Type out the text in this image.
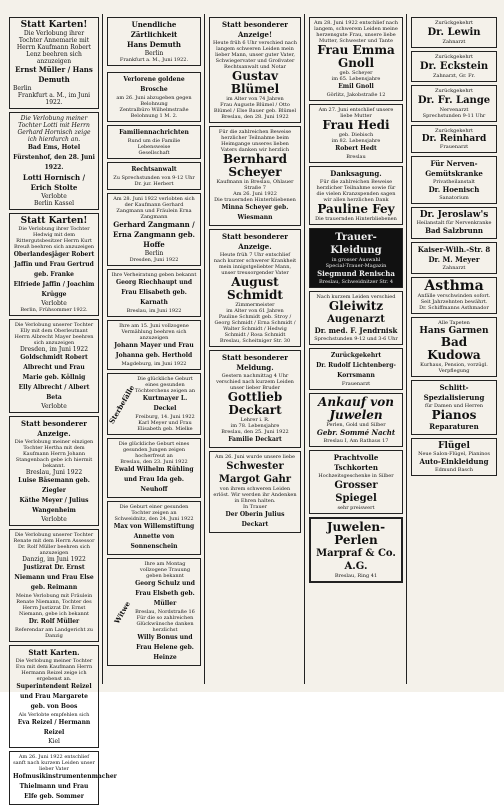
Statt Karten!
Die Verlobung ihrer Tochter Annemarie mit Herrn Kaufmann Robert Lenz beehren sich anzuzeigen
Ernst Müller / Hans Demuth
Berlin
Frankfurt a. M., im Juni 1922.
Die Verlobung meiner Tochter Lotti mit Herrn Gerhard Hornisch zeige ich hierdurch an.
Bad Ems, Hotel Fürstenhof, den 28. Juni 1922.
Lotti Hornisch / Erich Stolte
Verlobte
Berlin Kassel
Statt Karten!
Die Verlobung ihrer Tochter Hedwig mit dem Rittergutsbesitzer Herrn Kurt Breuß beehren sich anzuzeigen
Oberlandesjäger Robert Jaffin und Frau Gertrud geb. Franke
Elfriede Jaffin / Joachim Krügge
Verlobte
Berlin, Frühsommer 1922.
Die Verlobung unserer Tochter Elly mit dem Oberleutnant Herrn Albrecht Mayer beehren sich anzuzeigen
Dresden, im Juni 1922
Goldschmidt Robert Albrecht und Frau Marie geb. Köllnig
Elly Albrecht / Albert Beta
Verlobte
Statt besonderer Anzeige.
Die Verlobung meiner einzigen Tochter Hertha mit dem Kaufmann Herrn Johann Stangenbach gebe ich hiermit bekannt.
Breslau, Juni 1922
Luise Bäsemann geb. Ziegler
Käthe Meyer / Julius Wangenheim
Verlobte
Die Verlobung unserer Tochter Renate mit dem Herrn Assessor Dr. Rolf Müller beehren sich anzuzeigen
Danzig, im Juni 1922
Justizrat Dr. Ernst Niemann und Frau Else geb. Reimann
Meine Verlobung mit Fräulein Renate Niemann, Tochter des Herrn Justizrat Dr. Ernst Niemann, gebe ich bekannt
Dr. Rolf Müller
Referendar am Landgericht zu Danzig
Statt Karten.
Die Verlobung meiner Tochter Eva mit dem Kaufmann Herrn Hermann Reizel zeige ich ergebenst an.
Superintendent Reizel und Frau Margarete geb. von Boos
Als Verlobte empfehlen sich
Eva Reizel / Hermann Reizel
Kiel
Am 26. Juni 1922 entschlief sanft nach kurzem Leiden unser lieber Vater
Hofmusikinstrumentenmacher Thielmann und Frau Elfe geb. Sommer
Unendliche Zärtlichkeit
Hans Demuth
Berlin
Frankfurt a. M., Juni 1922.
Verlorene goldene Brosche
am 26. Juni abzugeben gegen Belohnung
Zentralbüro Wilhelmstraße
Belohnung 1 M. 2.
Familiennachrichten
Rund um die Familie
Lebensweise
Gesellschaft
Rechtsanwalt
Zu Sprechstunden von 9-12 Uhr
Dr. jur. Herbert
Am 28. Juni 1922 verlobten sich der Kaufmann Gerhard Zangmann und Fräulein Erna Zangmann
Gerhard Zangmann / Erna Zangmann geb. Hoffe
Berlin
Dresden, Juni 1922
Ihre Verheiratung geben bekannt
Georg Riechhaupt und Frau Elisabeth geb. Karnath
Breslau, im Juni 1922
Ihre am 15. Juni vollzogene Vermählung beehren sich anzuzeigen
Johann Mayer und Frau Johanna geb. Herthold
Magdeburg, im Juni 1922
Sterbefälle
Die glückliche Geburt eines gesunden Töchterchens zeigen an
Kurtmayer L. Deckel
Freiburg, 14. Juni 1922
Karl Meyer und Frau Elisabeth geb. Mielke
Die glückliche Geburt eines gesunden Jungen zeigen hocherfreut an
Breslau, den 23. Juni 1922
Ewald Wilhelm Rühling und Frau Ida geb. Neuhoff
Die Geburt einer gesunden Tochter zeigen an
Schweidnitz, den 24. Juni 1922
Max von Willemstiftung
Annette von Sonnenschein
Witwe
Ihre am Montag vollzogene Trauung geben bekannt
Georg Schulz und Frau Elsbeth geb. Müller
Breslau, Nordstraße 16
Für die so zahlreichen Glückwünsche danken herzlichst
Willy Bonus und Frau Helene geb. Heinze
Statt besonderer Anzeige!
Heute früh 6 Uhr verschied nach langem schweren Leiden mein lieber Mann, unser guter Vater, Schwiegervater und Großvater
Rechtsanwalt und Notar
Gustav Blümel
im Alter von 74 Jahren
Frau Auguste Blümel / Otto Blümel / Else Bauer geb. Blümel
Breslau, den 28. Juni 1922
Für die zahlreichen Beweise herzlicher Teilnahme beim Heimgange unseres lieben Vaters danken wir herzlich
Bernhard Scheyer
Kaufmann in Breslau, Ohlauer Straße 7
Am 26. Juni 1922
Die trauernden Hinterbliebenen
Minna Scheyer geb. Wiesmann
Statt besonderer Anzeige.
Heute früh 7 Uhr entschlief nach kurzer schwerer Krankheit mein innigstgeliebter Mann, unser treusorgender Vater
August Schmidt
Zimmermeister
im Alter von 61 Jahren
Pauline Schmidt geb. Stroy / Georg Schmidt / Erna Schmidt / Walter Schmidt / Hedwig Schmidt / Rosa Schmidt
Breslau, Scheitniger Str. 30
Statt besonderer Meldung.
Gestern nachmittag 4 Uhr verschied nach kurzem Leiden unser lieber Bruder
Gottlieb Deckart
Lehrer i. R.
im 78. Lebensjahre
Breslau, den 25. Juni 1922
Familie Deckart
Am 26. Juni wurde unsere liebe
Schwester Margot Gahr
von ihrem schweren Leiden erlöst. Wir werden ihr Andenken in Ehren halten.
In Trauer
Der Oberin Julius Deckart
Am 28. Juni 1922 entschlief nach langem, schwerem Leiden meine herzensgute Frau, unsere liebe Mutter, Schwester und Tante
Frau Emma Gnoll
geb. Scheyer
im 65. Lebensjahre
Emil Gnoll
Görlitz, Jakobstraße 12
Am 27. Juni entschlief unsere liebe Mutter
Frau Hedi
geb. Diebisch
im 82. Lebensjahre
Robert Hedt
Breslau
Danksagung.
Für die zahlreichen Beweise herzlicher Teilnahme sowie für die vielen Kranzspenden sagen wir allen herzlichen Dank
Pauline Fey
Die trauernden Hinterbliebenen
Trauer-Kleidung
in grosser Auswahl
Special-Trauer-Magazin
Siegmund Renischa
Breslau, Schweidnitzer Str. 4
Nach kurzem Leiden verschied
Gleiwitz
Augenarzt
Dr. med. F. Jendrnisk
Sprechstunden 9-12 und 3-6 Uhr
Zurückgekehrt
Dr. Rudolf Lichtenberg-Korrsmann
Frauenarzt
Ankauf von Juwelen
Perlen, Gold und Silber
Gebr. Sommé Nacht
Breslau I, Am Rathaus 17
Prachtvolle Tschkorten
Hochzeitsgeschenke in Silber
Grosser Spiegel
sehr preiswert
Juwelen-Perlen
Marpraf & Co. A.G.
Breslau, Ring 41
Zurückgekehrt
Dr. Lewin
Zahnarzt
Zurückgekehrt
Dr. Eckstein
Zahnarzt, Gr. Fr.
Zurückgekehrt
Dr. Fr. Lange
Nervenarzt
Sprechstunden 9-11 Uhr
Zurückgekehrt
Dr. Reinhard
Frauenarzt
Für Nerven-Gemütskranke
Privatheilanstalt
Dr. Hoenisch
Sanatorium
Dr. Jeroslaw's
Heilanstalt für Nervenkranke
Bad Salzbrunn
Kaiser-Wilh.-Str. 8
Dr. M. Meyer
Zahnarzt
Asthma
Anfälle verschwinden sofort. Seit Jahrzehnten bewährt.
Dr. Schiffmanns Asthmador
Alle Tapeten
Hans Garmen
Bad Kudowa
Kurhaus, Pension, vorzügl. Verpflegung
Schlitt-Spezialisierung
für Damen und Herren
Pianos
Reparaturen
Flügel
Neue Salon-Flügel, Pianinos
Auto-Einkleidung
Edmund Basch
